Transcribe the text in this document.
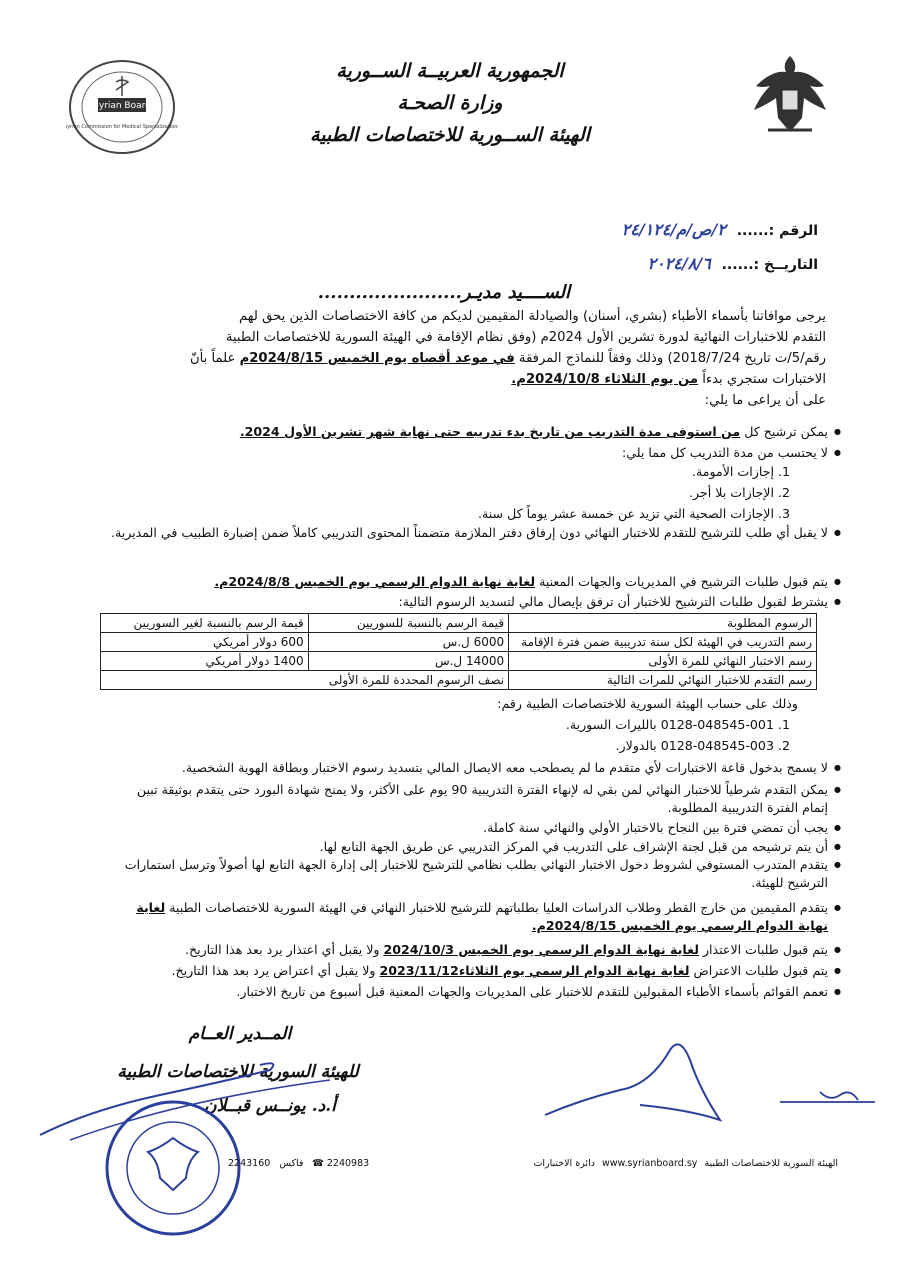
Syrian Board
Syrian Commission for Medical Specializations
الجمهورية العربيــة الســورية
وزارة الصحـة
الهيئة الســورية للاختصاصات الطبية
الرقم :...... ٢/ص/م/٢٤/١٢٤
التاريــخ :...... ٢٠٢٤/٨/٦
الســــيد مديـر.......................
يرجى موافاتنا بأسماء الأطباء (بشري، أسنان) والصيادلة المقيمين لديكم من كافة الاختصاصات الذين يحق لهم
التقدم للاختبارات النهائية لدورة تشرين الأول 2024م (وفق نظام الإقامة في الهيئة السورية للاختصاصات الطبية
رقم/5/ت تاريخ 2018/7/24) وذلك وفقاً للنماذج المرفقة في موعد أقصاه يوم الخميس 2024/8/15م علماً بأنّ
الاختبارات ستجري بدءاً من يوم الثلاثاء 2024/10/8م.
على أن يراعى ما يلي:
● يمكن ترشيح كل من استوفى مدة التدريب من تاريخ بدء تدريبه حتى نهاية شهر تشرين الأول 2024.
● لا يحتسب من مدة التدريب كل مما يلي:
1. إجازات الأمومة.
2. الإجازات بلا أجر.
3. الإجازات الصحية التي تزيد عن خمسة عشر يوماً كل سنة.
● لا يقبل أي طلب للترشيح للتقدم للاختبار النهائي دون إرفاق دفتر الملازمة متضمناً المحتوى التدريبي كاملاً ضمن إضبارة الطبيب في المديرية.
● يتم قبول طلبات الترشيح في المديريات والجهات المعنية لغاية نهاية الدوام الرسمي يوم الخميس 2024/8/8م.
● يشترط لقبول طلبات الترشيح للاختبار أن ترفق بإيصال مالي لتسديد الرسوم التالية:
الرسوم المطلوبة	قيمة الرسم بالنسبة للسوريين	قيمة الرسم بالنسبة لغير السوريين
رسم التدريب في الهيئة لكل سنة تدريبية ضمن فترة الإقامة	6000 ل.س	600 دولار أمريكي
رسم الاختبار النهائي للمرة الأولى	14000 ل.س	1400 دولار أمريكي
رسم التقدم للاختبار النهائي للمرات التالية	نصف الرسوم المحددة للمرة الأولى	
وذلك على حساب الهيئة السورية للاختصاصات الطبية رقم:
1. 0128-048545-001 بالليرات السورية.
2. 0128-048545-003 بالدولار.
● لا يسمح بدخول قاعة الاختبارات لأي متقدم ما لم يصطحب معه الايصال المالي بتسديد رسوم الاختبار وبطاقة الهوية الشخصية.
● يمكن التقدم شرطياً للاختبار النهائي لمن بقي له لإنهاء الفترة التدريبية 90 يوم على الأكثر، ولا يمنح شهادة البورد حتى يتقدم بوثيقة تبين إتمام الفترة التدريبية المطلوبة.
● يجب أن تمضي فترة بين النجاح بالاختبار الأولي والنهائي سنة كاملة.
● أن يتم ترشيحه من قبل لجنة الإشراف على التدريب في المركز التدريبي عن طريق الجهة التابع لها.
● يتقدم المتدرب المستوفي لشروط دخول الاختبار النهائي بطلب نظامي للترشيح للاختبار إلى إدارة الجهة التابع لها أصولاً وترسل استمارات الترشيح للهيئة.
● يتقدم المقيمين من خارج القطر وطلاب الدراسات العليا بطلباتهم للترشيح للاختبار النهائي في الهيئة السورية للاختصاصات الطبية لغاية نهاية الدوام الرسمي يوم الخميس 2024/8/15م.
● يتم قبول طلبات الاعتذار لغاية نهاية الدوام الرسمي يوم الخميس 2024/10/3 ولا يقبل أي اعتذار يرد بعد هذا التاريخ.
● يتم قبول طلبات الاعتراض لغاية نهاية الدوام الرسمي يوم الثلاثاء2023/11/12 ولا يقبل أي اعتراض يرد بعد هذا التاريخ.
● تعمم القوائم بأسماء الأطباء المقبولين للتقدم للاختبار على المديريات والجهات المعنية قبل أسبوع من تاريخ الاختبار.
المــدير العــام
للهيئة السورية للاختصاصات الطبية
أ.د. يونــس قبــلان
الهيئة السورية للاختصاصات الطبية www.syrianboard.sy دائرة الاختبارات
☎ 2240983
2243160 فاكس
